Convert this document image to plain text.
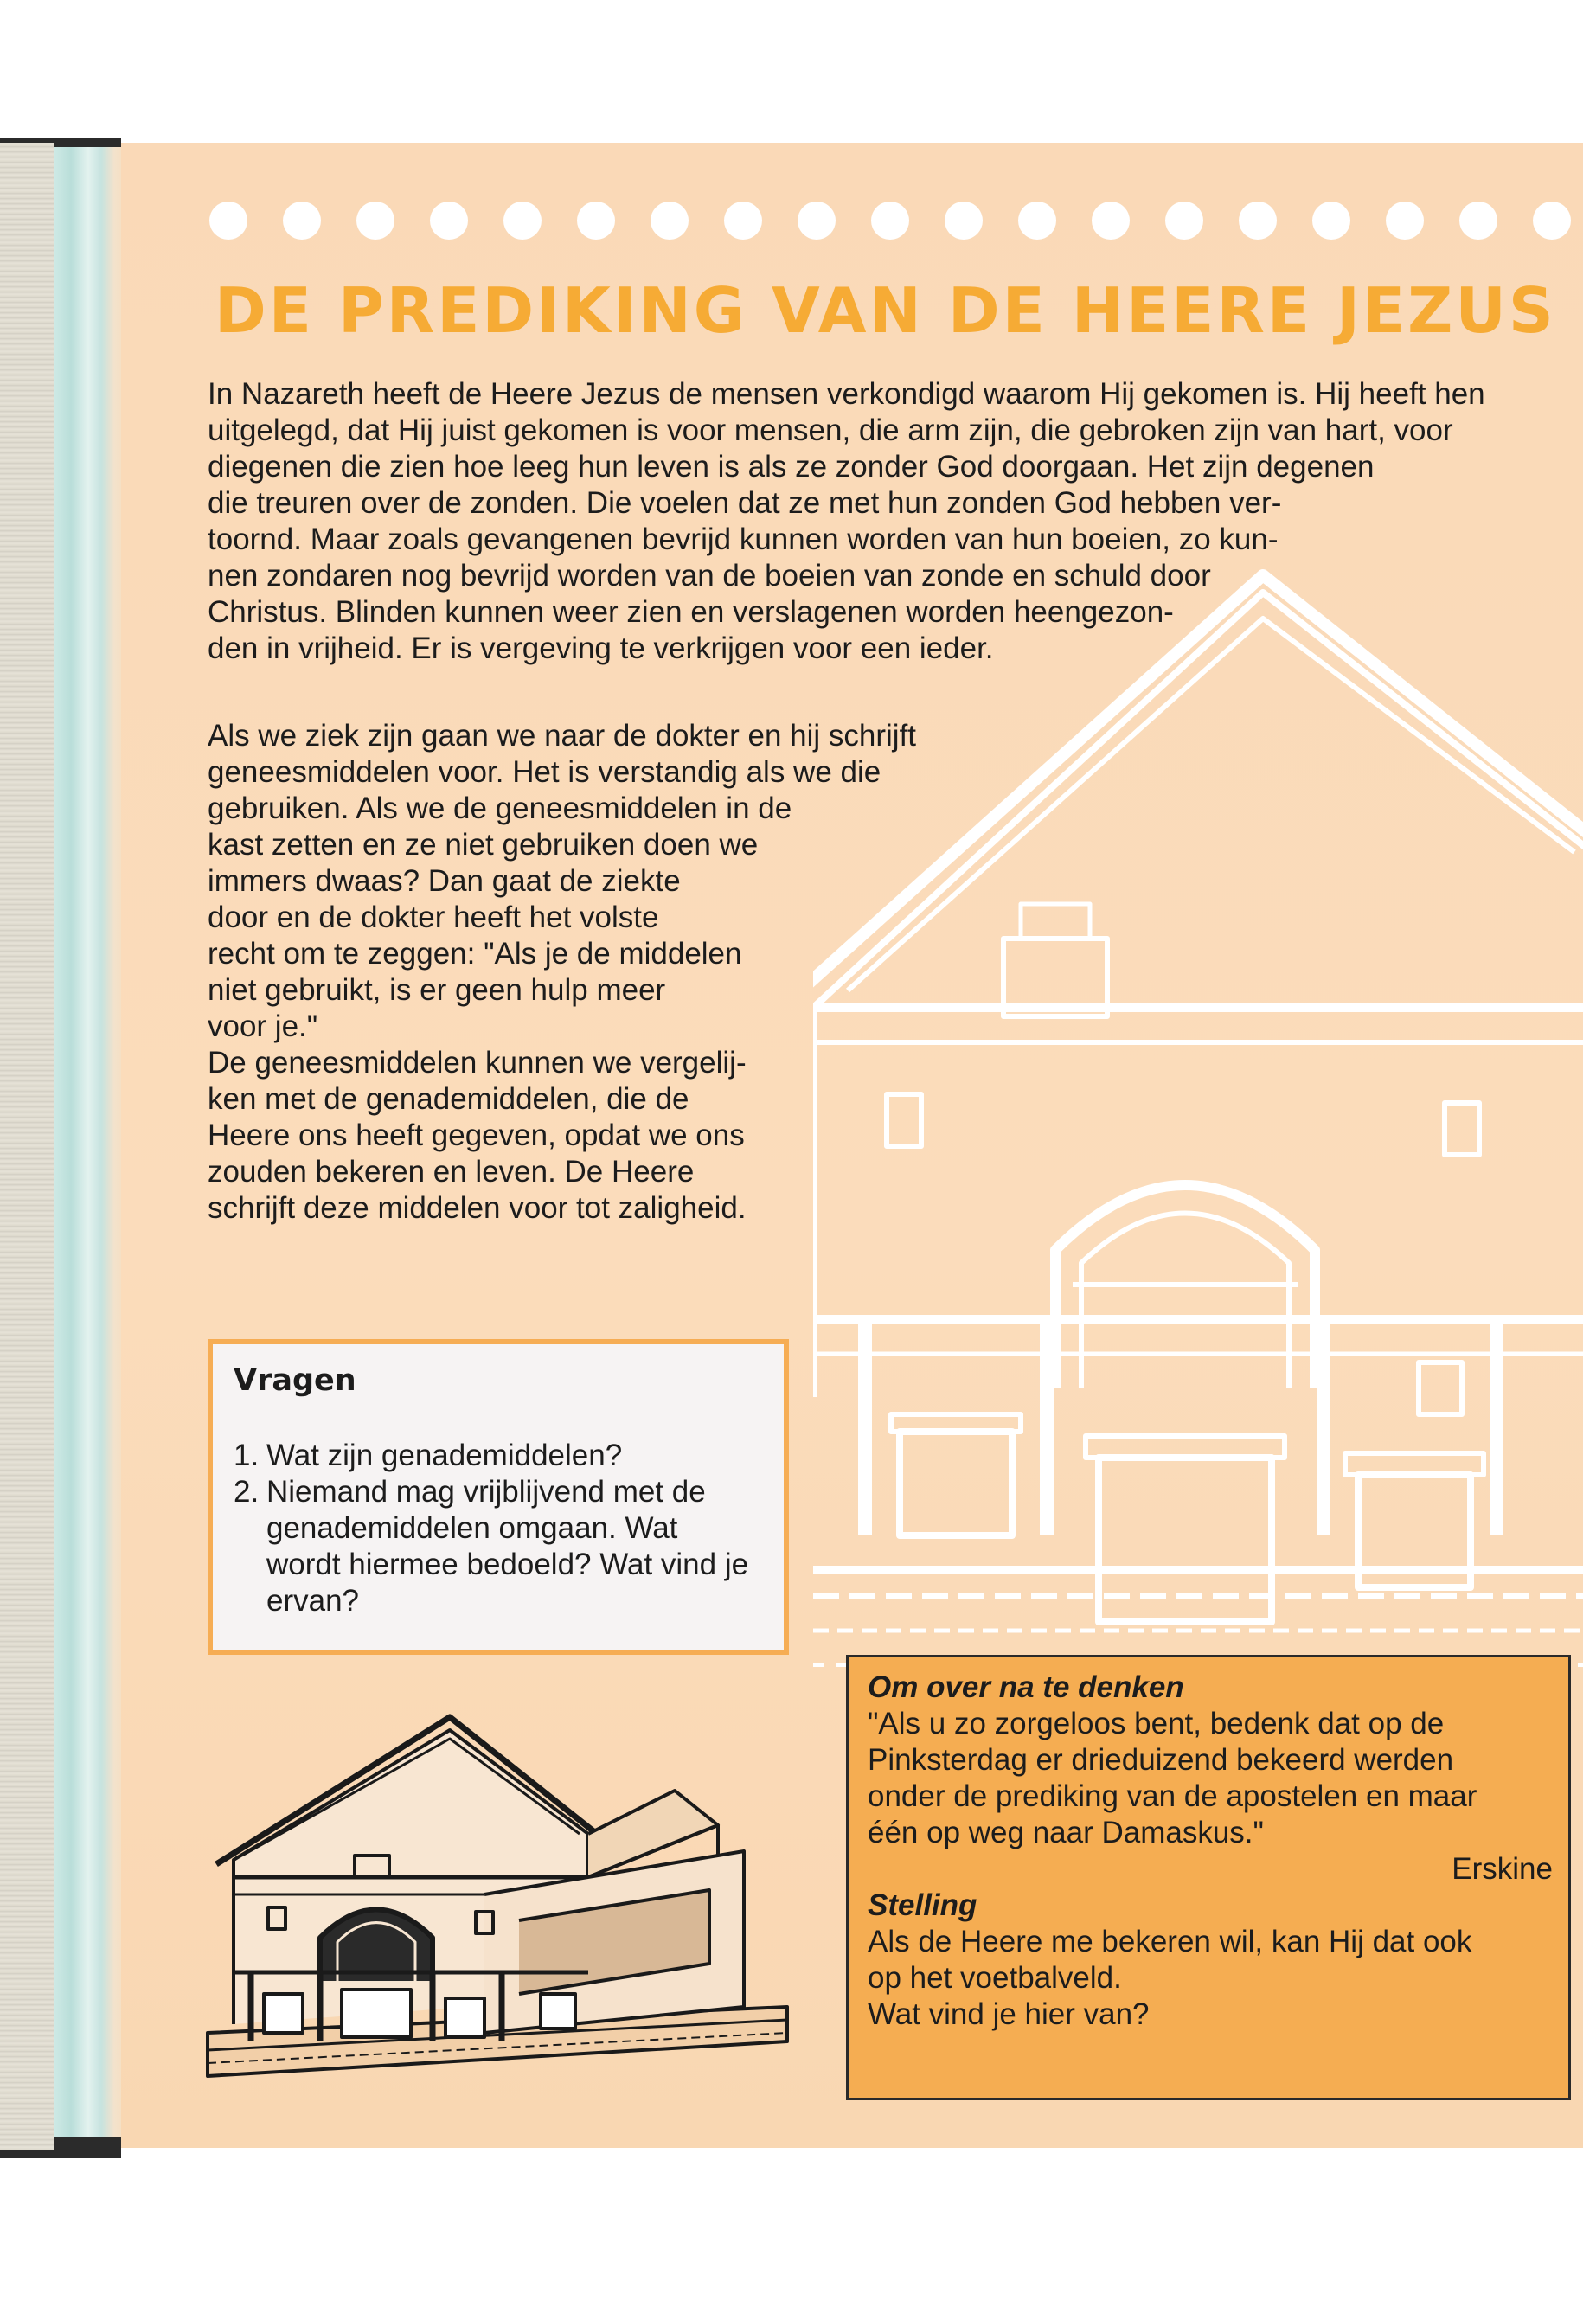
DE PREDIKING VAN DE HEERE JEZUS
In Nazareth heeft de Heere Jezus de mensen verkondigd waarom Hij gekomen is. Hij heeft hen
uitgelegd, dat Hij juist gekomen is voor mensen, die arm zijn, die gebroken zijn van hart, voor
diegenen die zien hoe leeg hun leven is als ze zonder God doorgaan. Het zijn degenen
die treuren over de zonden. Die voelen dat ze met hun zonden God hebben ver-
toornd. Maar zoals gevangenen bevrijd kunnen worden van hun boeien, zo kun-
nen zondaren nog bevrijd worden van de boeien van zonde en schuld door
Christus. Blinden kunnen weer zien en verslagenen worden heengezon-
den in vrijheid. Er is vergeving te verkrijgen voor een ieder.
Als we ziek zijn gaan we naar de dokter en hij schrijft
geneesmiddelen voor. Het is verstandig als we die
gebruiken. Als we de geneesmiddelen in de
kast zetten en ze niet gebruiken doen we
immers dwaas? Dan gaat de ziekte
door en de dokter heeft het volste
recht om te zeggen: "Als je de middelen
niet gebruikt, is er geen hulp meer
voor je."
De geneesmiddelen kunnen we vergelij-
ken met de genademiddelen, die de
Heere ons heeft gegeven, opdat we ons
zouden bekeren en leven. De Heere
schrijft deze middelen voor tot zaligheid.
Vragen
1. Wat zijn genademiddelen?
2. Niemand mag vrijblijvend met de
genademiddelen omgaan. Wat
wordt hiermee bedoeld? Wat vind je
ervan?

Om over na te denken

"Als u zo zorgeloos bent, bedenk dat op de

Pinksterdag er drieduizend bekeerd werden

onder de prediking van de apostelen en maar

één op weg naar Damaskus."

Erskine

Stelling

Als de Heere me bekeren wil, kan Hij dat ook

op het voetbalveld.

Wat vind je hier van?
